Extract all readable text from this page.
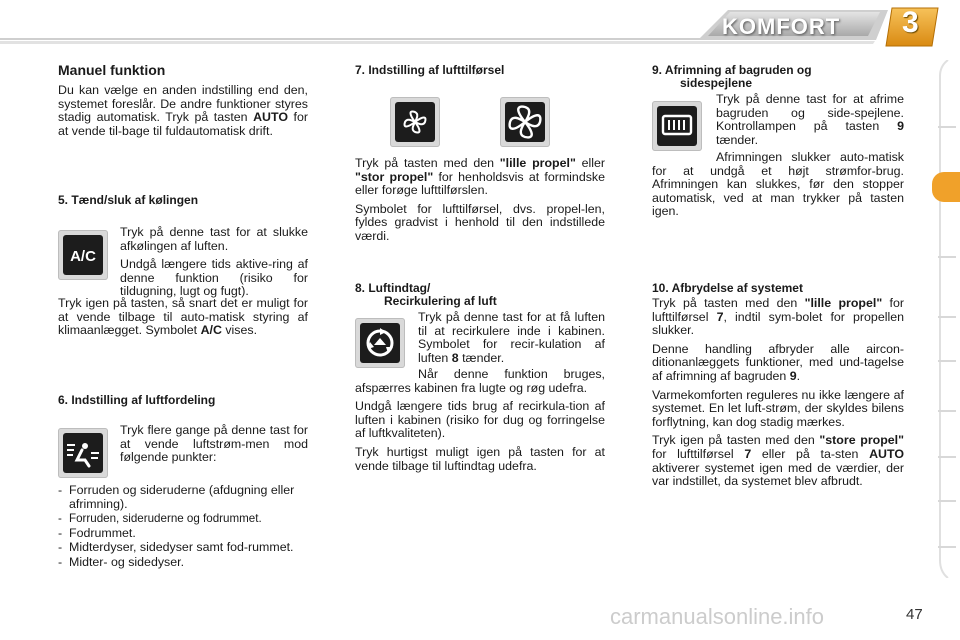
KOMFORT 3
Manuel funktion

Du kan vælge en anden indstilling end den, systemet foreslår. De andre funktioner styres stadig automatisk. Tryk på tasten AUTO for at vende til-bage til fuldautomatisk drift.

5. Tænd/sluk af kølingen
A/C

Tryk på denne tast for at slukke afkølingen af luften.

Undgå længere tids aktive-ring af denne funktion (risiko for tildugning, lugt og fugt).

Tryk igen på tasten, så snart det er muligt for at vende tilbage til auto-matisk styring af klimaanlægget. Symbolet A/C vises.

6. Indstilling af luftfordeling

Tryk flere gange på denne tast for at vende luftstrøm-men mod følgende punkter:

- Forruden og sideruderne (afdugning eller afrimning).
- Forruden, sideruderne og fodrummet.
- Fodrummet.
- Midterdyser, sidedyser samt fod-rummet.
- Midter- og sidedyser.
7. Indstilling af lufttilførsel

Tryk på tasten med den "lille propel" eller "stor propel" for henholdsvis at formindske eller forøge lufttilførslen.

Symbolet for lufttilførsel, dvs. propel-len, fyldes gradvist i henhold til den indstillede værdi.

8. Luftindtag/
Recirkulering af luft

Tryk på denne tast for at få luften til at recirkulere inde i kabinen. Symbolet for recir-kulation af luften 8 tænder.

Når denne funktion bruges, afspærres kabinen fra lugte og røg udefra.

Undgå længere tids brug af recirkula-tion af luften i kabinen (risiko for dug og forringelse af luftkvaliteten).

Tryk hurtigst muligt igen på tasten for at vende tilbage til luftindtag udefra.

9. Afrimning af bagruden og
sidespejlene

Tryk på denne tast for at afrime bagruden og side-spejlene. Kontrollampen på tasten 9 tænder.

Afrimningen slukker auto-matisk for at undgå et højt strømfor-brug. Afrimningen kan slukkes, før den stopper automatisk, ved at man trykker på tasten igen.

10. Afbrydelse af systemet

Tryk på tasten med den "lille propel" for lufttilførsel 7, indtil sym-bolet for propellen slukker.

Denne handling afbryder alle aircon-ditionanlæggets funktioner, med und-tagelse af afrimning af bagruden 9.

Varmekomforten reguleres nu ikke længere af systemet. En let luft-strøm, der skyldes bilens forflytning, kan dog stadig mærkes.

Tryk igen på tasten med den "store propel" for lufttilførsel 7 eller på ta-sten AUTO aktiverer systemet igen med de værdier, der var indstillet, da systemet blev afbrudt.

carmanualsonline.info	47
